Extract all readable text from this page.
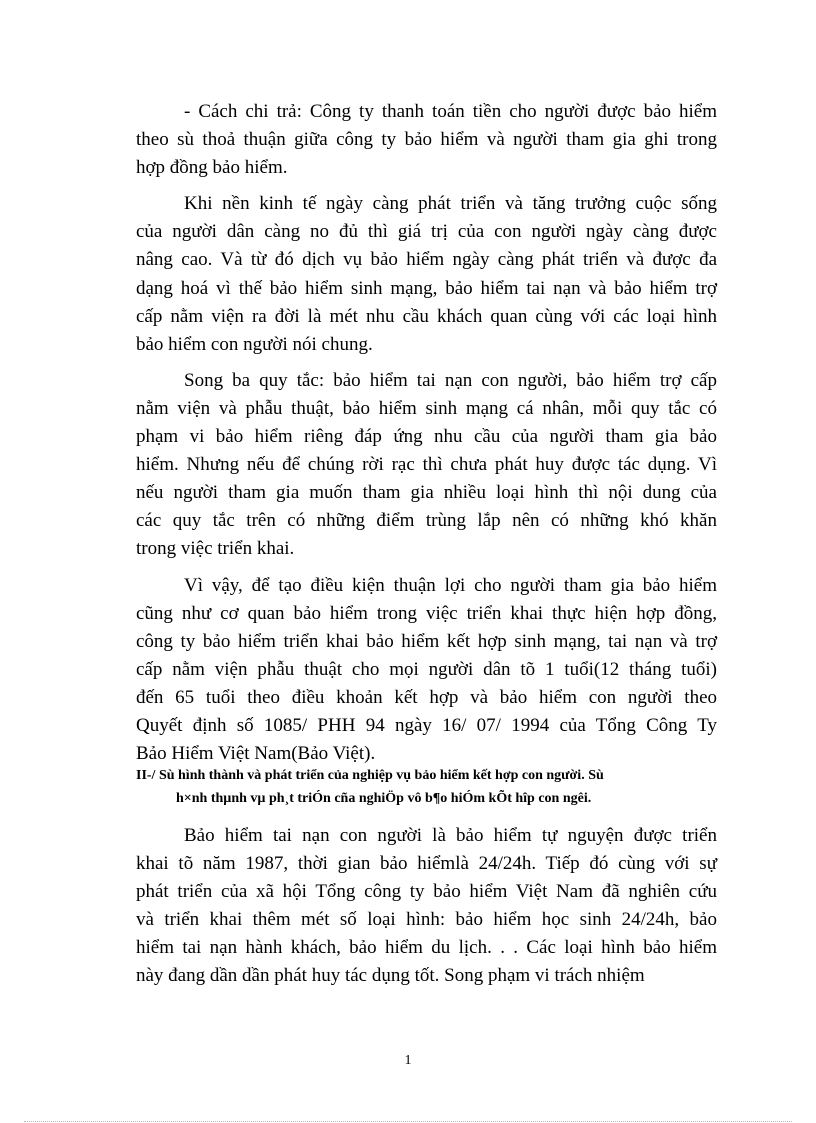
- Cách chi trả: Công ty thanh toán tiền cho người được bảo hiểm
theo sù thoả thuận giữa công ty bảo hiểm và người tham gia ghi trong
hợp đồng bảo hiểm.

Khi nền kinh tế ngày càng phát triển và tăng trưởng cuộc sống
của người dân càng no đủ thì giá trị của con người ngày càng được
nâng cao. Và từ đó dịch vụ bảo hiểm ngày càng phát triển và được đa
dạng hoá vì thế bảo hiểm sinh mạng, bảo hiểm tai nạn và bảo hiểm trợ
cấp nằm viện ra đời là mét nhu cầu khách quan cùng với các loại hình
bảo hiểm con người nói chung.

Song ba quy tắc: bảo hiểm tai nạn con người, bảo hiểm trợ cấp
nằm viện và phẫu thuật, bảo hiểm sinh mạng cá nhân, mỗi quy tắc có
phạm vi bảo hiểm riêng đáp ứng nhu cầu của người tham gia bảo
hiểm. Nhưng nếu để chúng rời rạc thì chưa phát huy được tác dụng. Vì
nếu người tham gia muốn tham gia nhiều loại hình thì nội dung của
các quy tắc trên có những điểm trùng lắp nên có những khó khăn
trong việc triển khai.

Vì vậy, để tạo điều kiện thuận lợi cho người tham gia bảo hiểm
cũng như cơ quan bảo hiểm trong việc triển khai thực hiện hợp đồng,
công ty bảo hiểm triển khai bảo hiểm kết hợp sinh mạng, tai nạn và trợ
cấp nằm viện phẫu thuật cho mọi người dân tõ 1 tuổi(12 tháng tuổi)
đến 65 tuổi theo điều khoản kết hợp và bảo hiểm con người theo
Quyết định số 1085/ PHH 94 ngày 16/ 07/ 1994 của Tổng Công Ty
Bảo Hiểm Việt Nam(Bảo Việt).

II-/ Sù hình thành và phát triển của nghiệp vụ bảo hiểm kết hợp con người. Sù
h×nh thµnh vµ ph¸t triÓn cña nghiÖp vô b¶o hiÓm kÕt hîp con ngêi.

Bảo hiểm tai nạn con người là bảo hiểm tự nguyện được triển
khai tõ năm 1987, thời gian bảo hiểmlà 24/24h. Tiếp đó cùng với sự
phát triển của xã hội Tổng công ty bảo hiểm Việt Nam đã nghiên cứu
và triển khai thêm mét số loại hình: bảo hiểm học sinh 24/24h, bảo
hiểm tai nạn hành khách, bảo hiểm du lịch. . . Các loại hình bảo hiểm
này đang dần dần phát huy tác dụng tốt. Song phạm vi trách nhiệm

1
